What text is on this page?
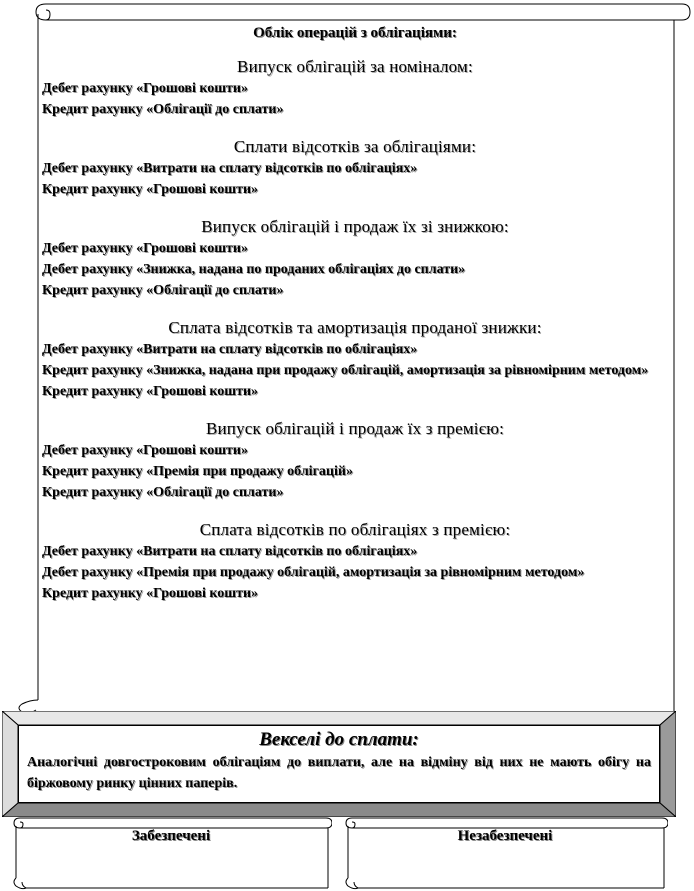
Облік операцій з облігаціями:
Випуск облігацій за номіналом:
Дебет рахунку «Грошові кошти»
Кредит рахунку «Облігації до сплати»
Сплати відсотків за облігаціями:
Дебет рахунку «Витрати на сплату відсотків по облігаціях»
Кредит рахунку «Грошові кошти»
Випуск облігацій і продаж їх зі знижкою:
Дебет рахунку «Грошові кошти»
Дебет рахунку «Знижка, надана по проданих облігаціях до сплати»
Кредит рахунку «Облігації до сплати»
Сплата відсотків та амортизація проданої знижки:
Дебет рахунку «Витрати на сплату відсотків по облігаціях»
Кредит рахунку «Знижка, надана при продажу облігацій, амортизація за рівномірним методом»
Кредит рахунку «Грошові кошти»
Випуск облігацій і продаж їх з премією:
Дебет рахунку «Грошові кошти»
Кредит рахунку «Премія при продажу облігацій»
Кредит рахунку «Облігації до сплати»
Сплата відсотків по облігаціях з премією:
Дебет рахунку «Витрати на сплату відсотків по облігаціях»
Дебет рахунку «Премія при продажу облігацій, амортизація за рівномірним методом»
Кредит рахунку «Грошові кошти»
Векселі до сплати:
Аналогічні довгостроковим облігаціям до виплати, але на відміну від них не мають обігу на біржовому ринку цінних паперів.
Забезпечені	Незабезпечені
